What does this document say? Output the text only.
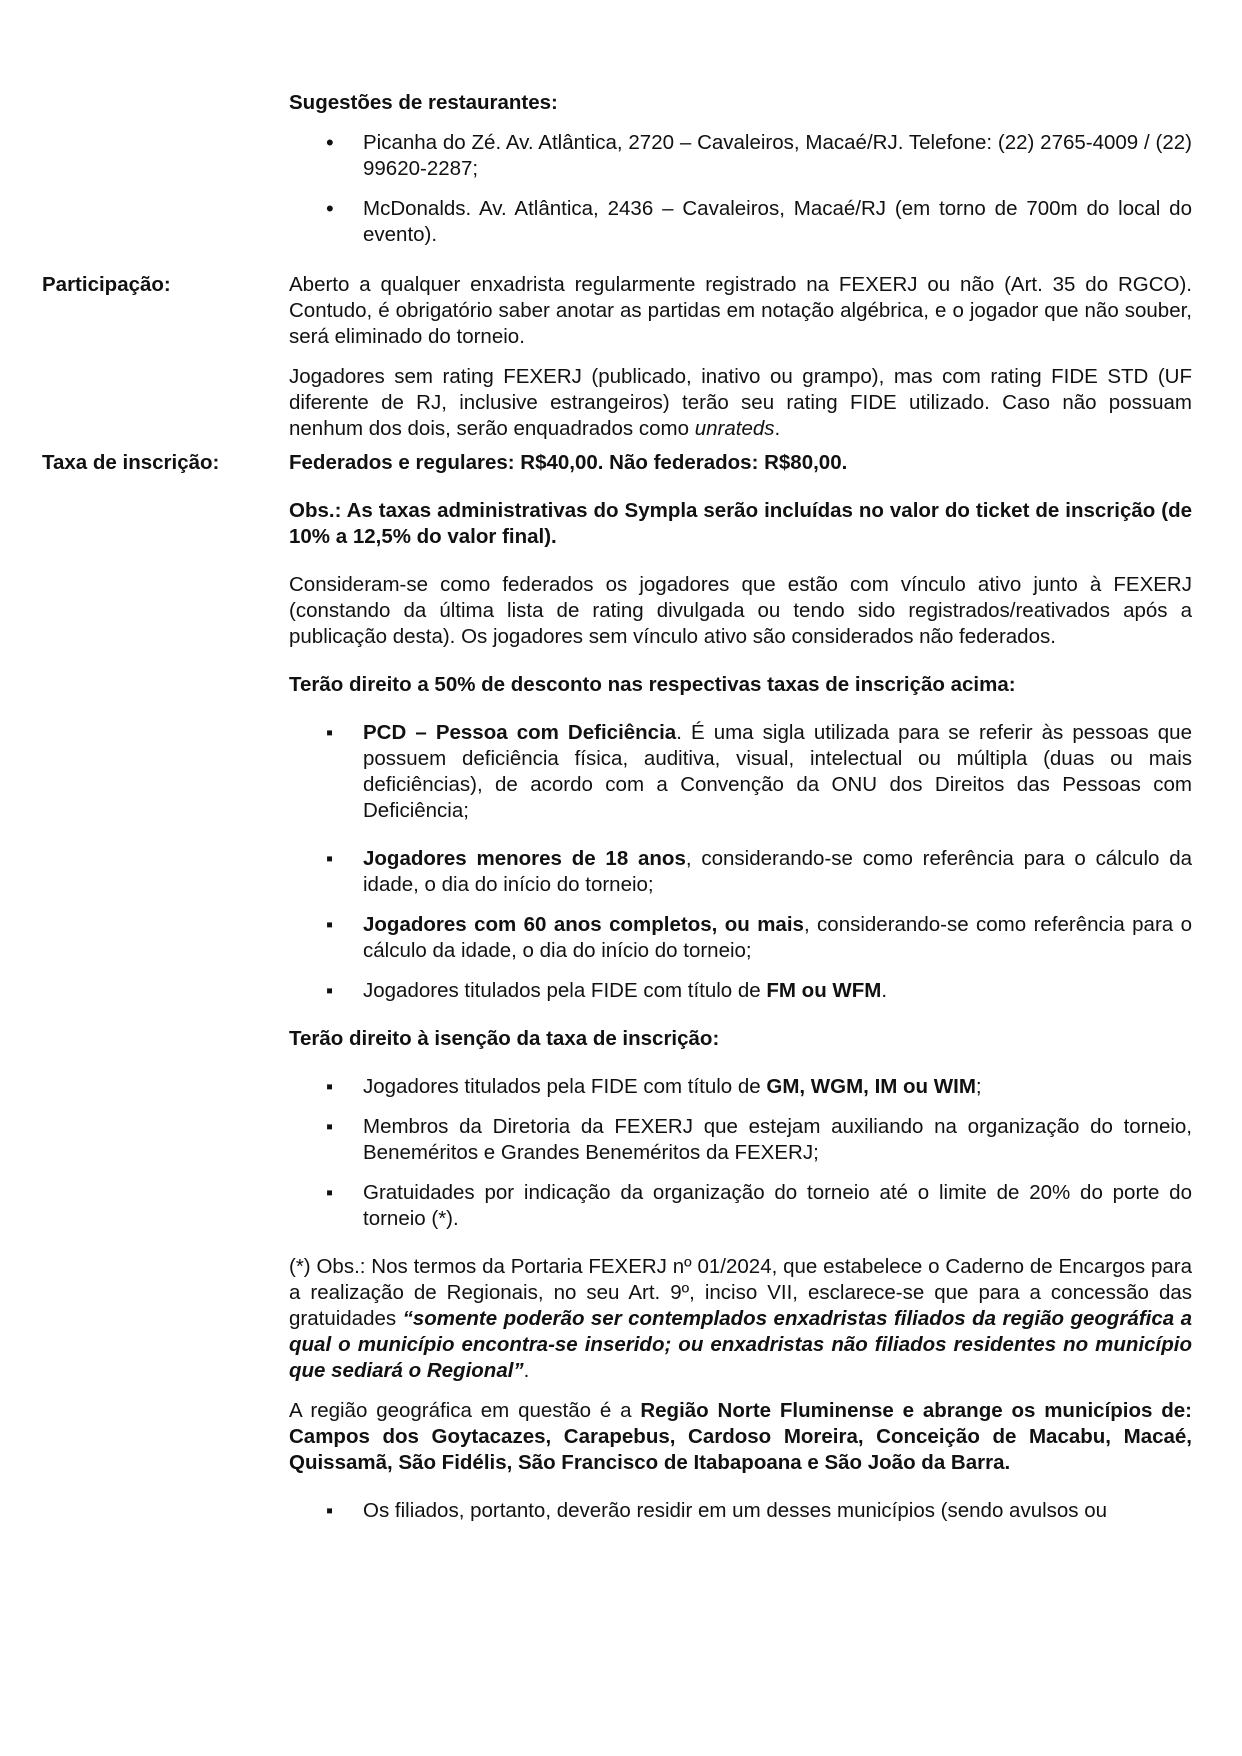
Sugestões de restaurantes:

•
Picanha do Zé. Av. Atlântica, 2720 – Cavaleiros, Macaé/RJ. Telefone: (22) 2765-4009 / (22) 99620-2287;
•
McDonalds. Av. Atlântica, 2436 – Cavaleiros, Macaé/RJ (em torno de 700m do local do evento).
Participação:	Aberto a qualquer enxadrista regularmente registrado na FEXERJ ou não (Art. 35 do RGCO). Contudo, é obrigatório saber anotar as partidas em notação algébrica, e o jogador que não souber, será eliminado do torneio.

Jogadores sem rating FEXERJ (publicado, inativo ou grampo), mas com rating FIDE STD (UF diferente de RJ, inclusive estrangeiros) terão seu rating FIDE utilizado. Caso não possuam nenhum dos dois, serão enquadrados como unrateds.

Taxa de inscrição:	Federados e regulares: R$40,00. Não federados: R$80,00.

Obs.: As taxas administrativas do Sympla serão incluídas no valor do ticket de inscrição (de 10% a 12,5% do valor final).

Consideram-se como federados os jogadores que estão com vínculo ativo junto à FEXERJ (constando da última lista de rating divulgada ou tendo sido registrados/reativados após a publicação desta). Os jogadores sem vínculo ativo são considerados não federados.

Terão direito a 50% de desconto nas respectivas taxas de inscrição acima:

▪
PCD – Pessoa com Deficiência. É uma sigla utilizada para se referir às pessoas que possuem deficiência física, auditiva, visual, intelectual ou múltipla (duas ou mais deficiências), de acordo com a Convenção da ONU dos Direitos das Pessoas com Deficiência;
▪
Jogadores menores de 18 anos, considerando-se como referência para o cálculo da idade, o dia do início do torneio;
▪
Jogadores com 60 anos completos, ou mais, considerando-se como referência para o cálculo da idade, o dia do início do torneio;
▪
Jogadores titulados pela FIDE com título de FM ou WFM.

Terão direito à isenção da taxa de inscrição:

▪
Jogadores titulados pela FIDE com título de GM, WGM, IM ou WIM;
▪
Membros da Diretoria da FEXERJ que estejam auxiliando na organização do torneio, Beneméritos e Grandes Beneméritos da FEXERJ;
▪
Gratuidades por indicação da organização do torneio até o limite de 20% do porte do torneio (*).

(*) Obs.: Nos termos da Portaria FEXERJ nº 01/2024, que estabelece o Caderno de Encargos para a realização de Regionais, no seu Art. 9º, inciso VII, esclarece-se que para a concessão das gratuidades “somente poderão ser contemplados enxadristas filiados da região geográfica a qual o município encontra-se inserido; ou enxadristas não filiados residentes no município que sediará o Regional”.

A região geográfica em questão é a Região Norte Fluminense e abrange os municípios de: Campos dos Goytacazes, Carapebus, Cardoso Moreira, Conceição de Macabu, Macaé, Quissamã, São Fidélis, São Francisco de Itabapoana e São João da Barra.

▪
Os filiados, portanto, deverão residir em um desses municípios (sendo avulsos ou
